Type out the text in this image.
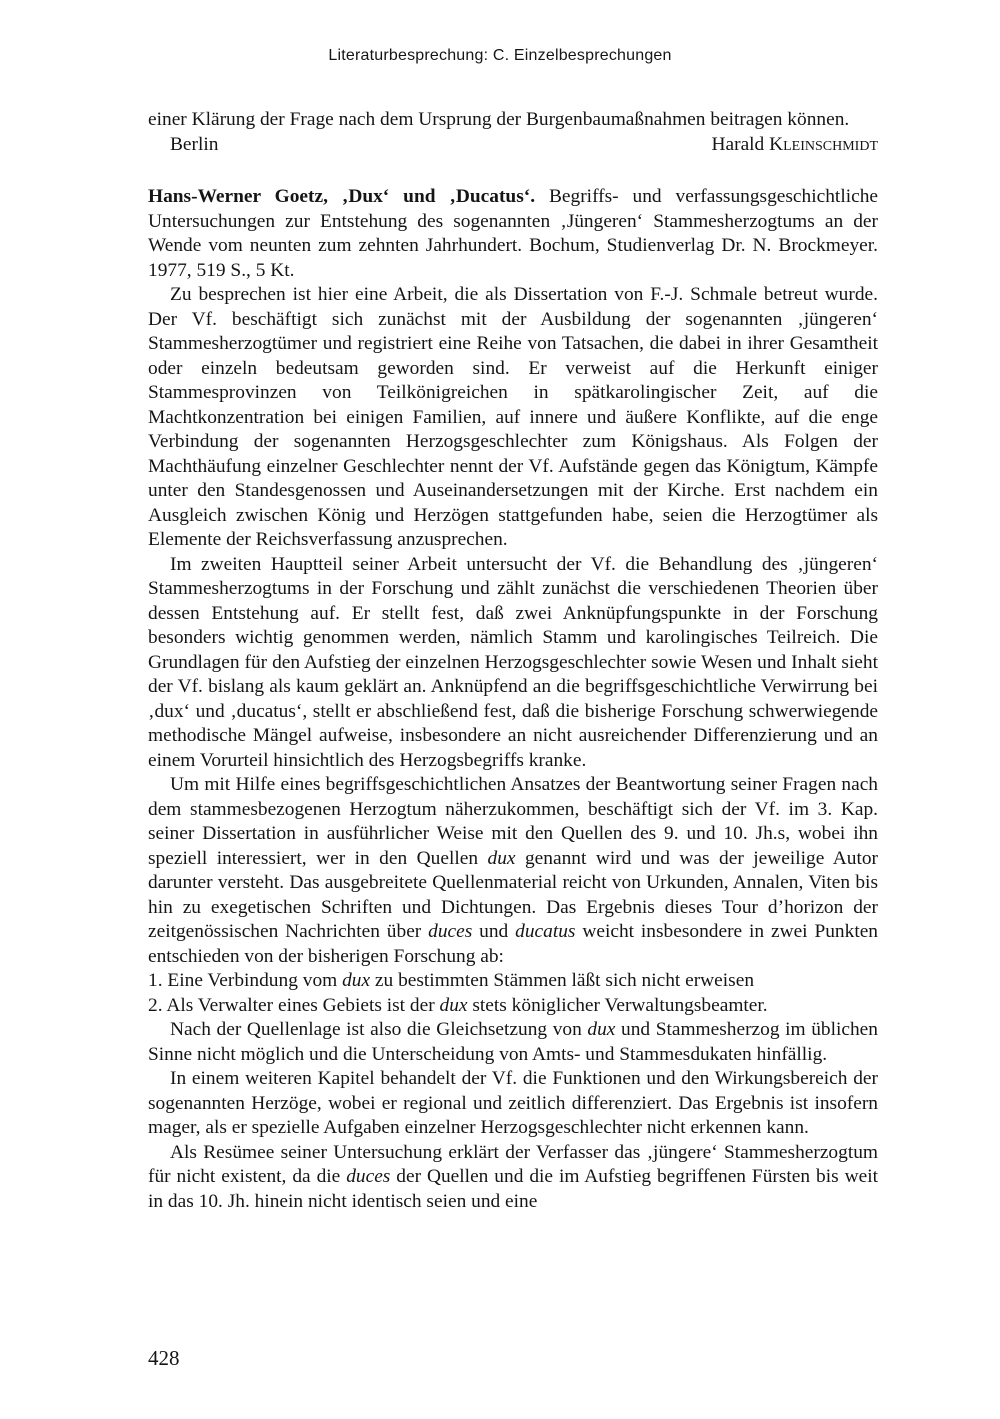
Literaturbesprechung: C. Einzelbesprechungen

einer Klärung der Frage nach dem Ursprung der Burgenbaumaßnahmen beitragen können.

Berlin	Harald Kleinschmidt

Hans-Werner Goetz, ‚Dux‘ und ‚Ducatus‘. Begriffs- und verfassungsgeschichtliche Untersuchungen zur Entstehung des sogenannten ‚Jüngeren‘ Stammesherzogtums an der Wende vom neunten zum zehnten Jahrhundert. Bochum, Studienverlag Dr. N. Brockmeyer. 1977, 519 S., 5 Kt.

Zu besprechen ist hier eine Arbeit, die als Dissertation von F.-J. Schmale betreut wurde. Der Vf. beschäftigt sich zunächst mit der Ausbildung der sogenannten ‚jüngeren‘ Stammesherzogtümer und registriert eine Reihe von Tatsachen, die dabei in ihrer Gesamtheit oder einzeln bedeutsam geworden sind. Er verweist auf die Herkunft einiger Stammesprovinzen von Teilkönigreichen in spätkarolingischer Zeit, auf die Machtkonzentration bei einigen Familien, auf innere und äußere Konflikte, auf die enge Verbindung der sogenannten Herzogsgeschlechter zum Königshaus. Als Folgen der Machthäufung einzelner Geschlechter nennt der Vf. Aufstände gegen das Königtum, Kämpfe unter den Standesgenossen und Auseinandersetzungen mit der Kirche. Erst nachdem ein Ausgleich zwischen König und Herzögen stattgefunden habe, seien die Herzogtümer als Elemente der Reichsverfassung anzusprechen.

Im zweiten Hauptteil seiner Arbeit untersucht der Vf. die Behandlung des ‚jüngeren‘ Stammesherzogtums in der Forschung und zählt zunächst die verschiedenen Theorien über dessen Entstehung auf. Er stellt fest, daß zwei Anknüpfungspunkte in der Forschung besonders wichtig genommen werden, nämlich Stamm und karolingisches Teilreich. Die Grundlagen für den Aufstieg der einzelnen Herzogsgeschlechter sowie Wesen und Inhalt sieht der Vf. bislang als kaum geklärt an. Anknüpfend an die begriffsgeschichtliche Verwirrung bei ‚dux‘ und ‚ducatus‘, stellt er abschließend fest, daß die bisherige Forschung schwerwiegende methodische Mängel aufweise, insbesondere an nicht ausreichender Differenzierung und an einem Vorurteil hinsichtlich des Herzogsbegriffs kranke.

Um mit Hilfe eines begriffsgeschichtlichen Ansatzes der Beantwortung seiner Fragen nach dem stammesbezogenen Herzogtum näherzukommen, beschäftigt sich der Vf. im 3. Kap. seiner Dissertation in ausführlicher Weise mit den Quellen des 9. und 10. Jh.s, wobei ihn speziell interessiert, wer in den Quellen dux genannt wird und was der jeweilige Autor darunter versteht. Das ausgebreitete Quellenmaterial reicht von Urkunden, Annalen, Viten bis hin zu exegetischen Schriften und Dichtungen. Das Ergebnis dieses Tour d’horizon der zeitgenössischen Nachrichten über duces und ducatus weicht insbesondere in zwei Punkten entschieden von der bisherigen Forschung ab:

1. Eine Verbindung vom dux zu bestimmten Stämmen läßt sich nicht erweisen

2. Als Verwalter eines Gebiets ist der dux stets königlicher Verwaltungsbeamter.

Nach der Quellenlage ist also die Gleichsetzung von dux und Stammesherzog im üblichen Sinne nicht möglich und die Unterscheidung von Amts- und Stammesdukaten hinfällig.

In einem weiteren Kapitel behandelt der Vf. die Funktionen und den Wirkungsbereich der sogenannten Herzöge, wobei er regional und zeitlich differenziert. Das Ergebnis ist insofern mager, als er spezielle Aufgaben einzelner Herzogsgeschlechter nicht erkennen kann.

Als Resümee seiner Untersuchung erklärt der Verfasser das ‚jüngere‘ Stammesherzogtum für nicht existent, da die duces der Quellen und die im Aufstieg begriffenen Fürsten bis weit in das 10. Jh. hinein nicht identisch seien und eine

428
